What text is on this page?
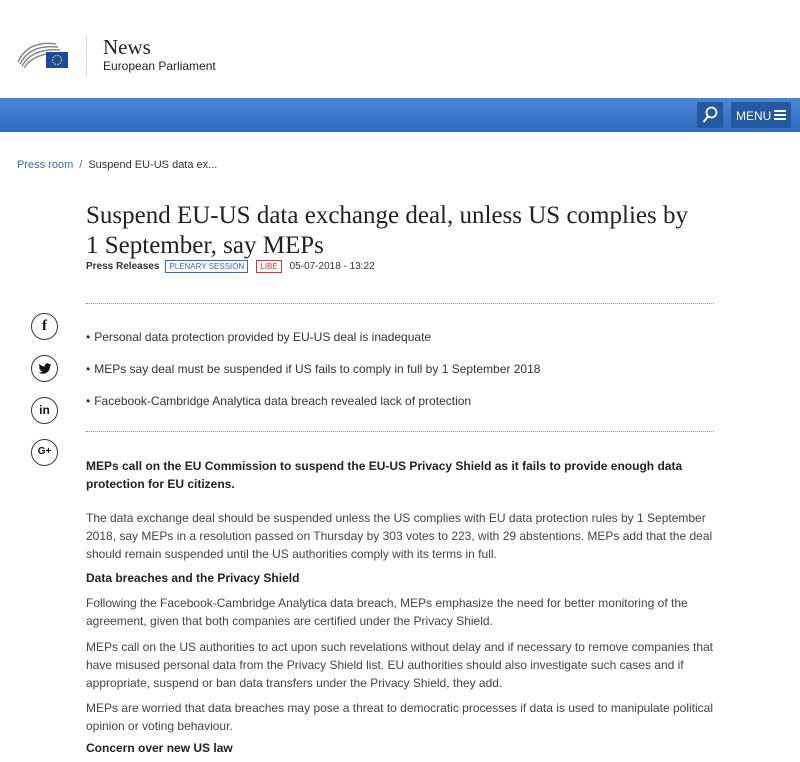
News
European Parliament
MENU
Press room / Suspend EU-US data ex...
Suspend EU-US data exchange deal, unless US complies by 1 September, say MEPs
Press Releases	PLENARY SESSION	LIBE	05-07-2018 - 13:22
f
in
G+
• Personal data protection provided by EU-US deal is inadequate
• MEPs say deal must be suspended if US fails to comply in full by 1 September 2018
• Facebook-Cambridge Analytica data breach revealed lack of protection

MEPs call on the EU Commission to suspend the EU-US Privacy Shield as it fails to provide enough data protection for EU citizens.

The data exchange deal should be suspended unless the US complies with EU data protection rules by 1 September 2018, say MEPs in a resolution passed on Thursday by 303 votes to 223, with 29 abstentions. MEPs add that the deal should remain suspended until the US authorities comply with its terms in full.

Data breaches and the Privacy Shield

Following the Facebook-Cambridge Analytica data breach, MEPs emphasize the need for better monitoring of the agreement, given that both companies are certified under the Privacy Shield.

MEPs call on the US authorities to act upon such revelations without delay and if necessary to remove companies that have misused personal data from the Privacy Shield list. EU authorities should also investigate such cases and if appropriate, suspend or ban data transfers under the Privacy Shield, they add.

MEPs are worried that data breaches may pose a threat to democratic processes if data is used to manipulate political opinion or voting behaviour.

Concern over new US law
